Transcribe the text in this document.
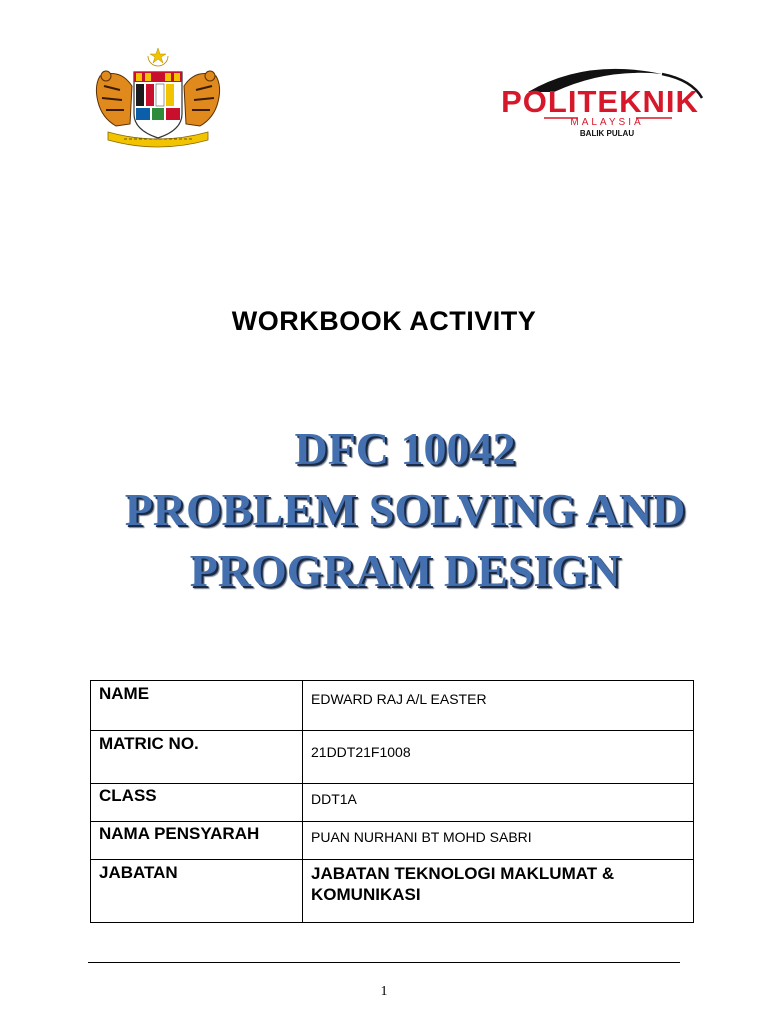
POLITEKNIK
MALAYSIA
BALIK PULAU
WORKBOOK ACTIVITY
DFC 10042
PROBLEM SOLVING AND
PROGRAM DESIGN
NAME	EDWARD RAJ A/L EASTER
MATRIC NO.	21DDT21F1008
CLASS	DDT1A
NAMA PENSYARAH	PUAN NURHANI BT MOHD SABRI
JABATAN	JABATAN TEKNOLOGI MAKLUMAT & KOMUNIKASI
1
